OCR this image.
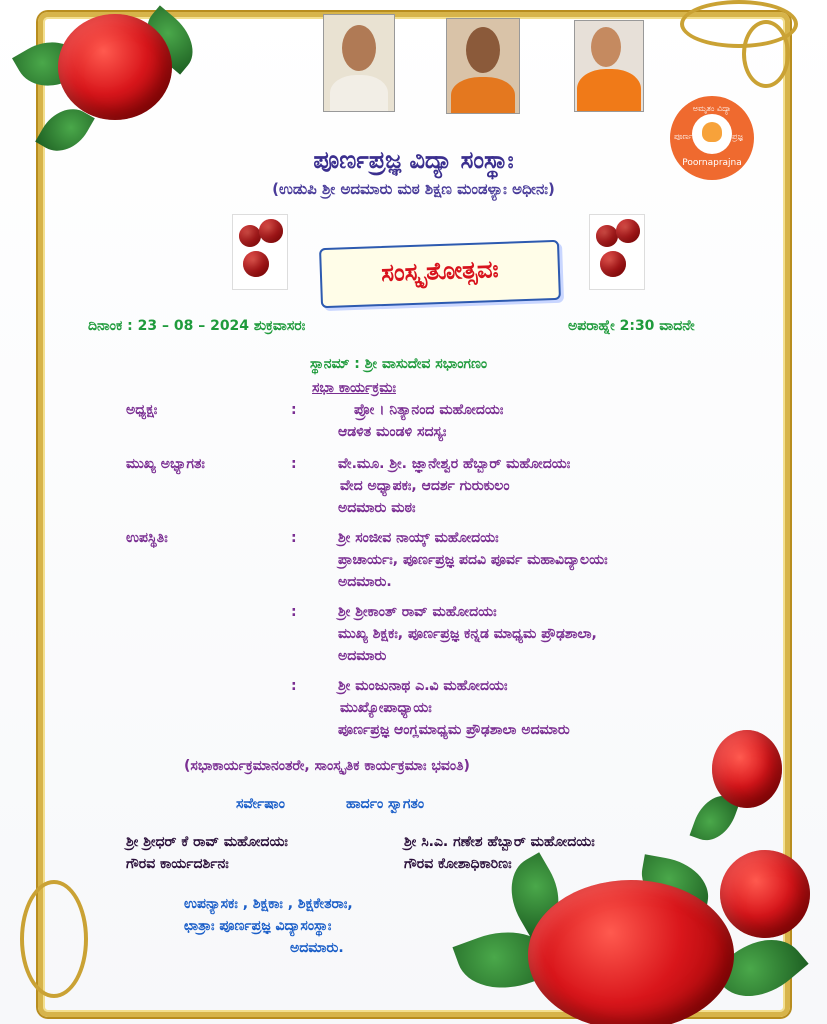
ಅಮೃತಂ ವಿದ್ಯಾ
ಪೂರ್ಣ	ಪ್ರಜ್ಞ
Poornaprajna
ಪೂರ್ಣಪ್ರಜ್ಞ ವಿದ್ಯಾ ಸಂಸ್ಥಾಃ
(ಉಡುಪಿ ಶ್ರೀ ಅದಮಾರು ಮಠ ಶಿಕ್ಷಣ ಮಂಡಳ್ಯಾಃ ಅಧೀನಃ)
ಸಂಸ್ಕೃತೋತ್ಸವಃ
ದಿನಾಂಕ : 23 – 08 – 2024 ಶುಕ್ರವಾಸರಃ	ಅಪರಾಹ್ನೇ 2:30 ವಾದನೇ
ಸ್ಥಾನಮ್ : ಶ್ರೀ ವಾಸುದೇವ ಸಭಾಂಗಣಂ
ಸಭಾ ಕಾರ್ಯಕ್ರಮಃ
ಅಧ್ಯಕ್ಷಃ	:	ಪ್ರೋ । ನಿತ್ಯಾನಂದ ಮಹೋದಯಃ
ಆಡಳಿತ ಮಂಡಳಿ ಸದಸ್ಯಃ
ಮುಖ್ಯ ಅಭ್ಯಾಗತಃ	:	ವೇ.ಮೂ. ಶ್ರೀ. ಜ್ಞಾನೇಶ್ವರ ಹೆಬ್ಬಾರ್ ಮಹೋದಯಃ
ವೇದ ಅಧ್ಯಾಪಕಃ, ಆದರ್ಶ ಗುರುಕುಲಂ
ಅದಮಾರು ಮಠಃ
ಉಪಸ್ಥಿತಿಃ	:	ಶ್ರೀ ಸಂಜೀವ ನಾಯ್ಕ್ ಮಹೋದಯಃ
ಪ್ರಾಚಾರ್ಯಃ, ಪೂರ್ಣಪ್ರಜ್ಞ ಪದವಿ ಪೂರ್ವ ಮಹಾವಿದ್ಯಾಲಯಃ
ಅದಮಾರು.
:	ಶ್ರೀ ಶ್ರೀಕಾಂತ್ ರಾವ್ ಮಹೋದಯಃ
ಮುಖ್ಯ ಶಿಕ್ಷಕಃ, ಪೂರ್ಣಪ್ರಜ್ಞ ಕನ್ನಡ ಮಾಧ್ಯಮ ಪ್ರೌಢಶಾಲಾ,
ಅದಮಾರು
:	ಶ್ರೀ ಮಂಜುನಾಥ ಎ.ವಿ ಮಹೋದಯಃ
ಮುಖ್ಯೋಪಾಧ್ಯಾಯಃ
ಪೂರ್ಣಪ್ರಜ್ಞ ಆಂಗ್ಲಮಾಧ್ಯಮ ಪ್ರೌಢಶಾಲಾ ಅದಮಾರು
(ಸಭಾಕಾರ್ಯಕ್ರಮಾನಂತರೇ, ಸಾಂಸ್ಕೃತಿಕ ಕಾರ್ಯಕ್ರಮಾಃ ಭವಂತಿ)
ಸರ್ವೇಷಾಂ	ಹಾರ್ದಂ ಸ್ವಾಗತಂ
ಶ್ರೀ ಶ್ರೀಧರ್ ಕೆ ರಾವ್ ಮಹೋದಯಃ
ಗೌರವ ಕಾರ್ಯದರ್ಶಿನಃ
ಶ್ರೀ ಸಿ.ಎ. ಗಣೇಶ ಹೆಬ್ಬಾರ್ ಮಹೋದಯಃ
ಗೌರವ ಕೋಶಾಧಿಕಾರಿಣಃ
ಉಪನ್ಯಾಸಕಃ , ಶಿಕ್ಷಕಾಃ , ಶಿಕ್ಷಕೇತರಾಃ,
ಛಾತ್ರಾಃ ಪೂರ್ಣಪ್ರಜ್ಞ ವಿದ್ಯಾಸಂಸ್ಥಾಃ
ಅದಮಾರು.
